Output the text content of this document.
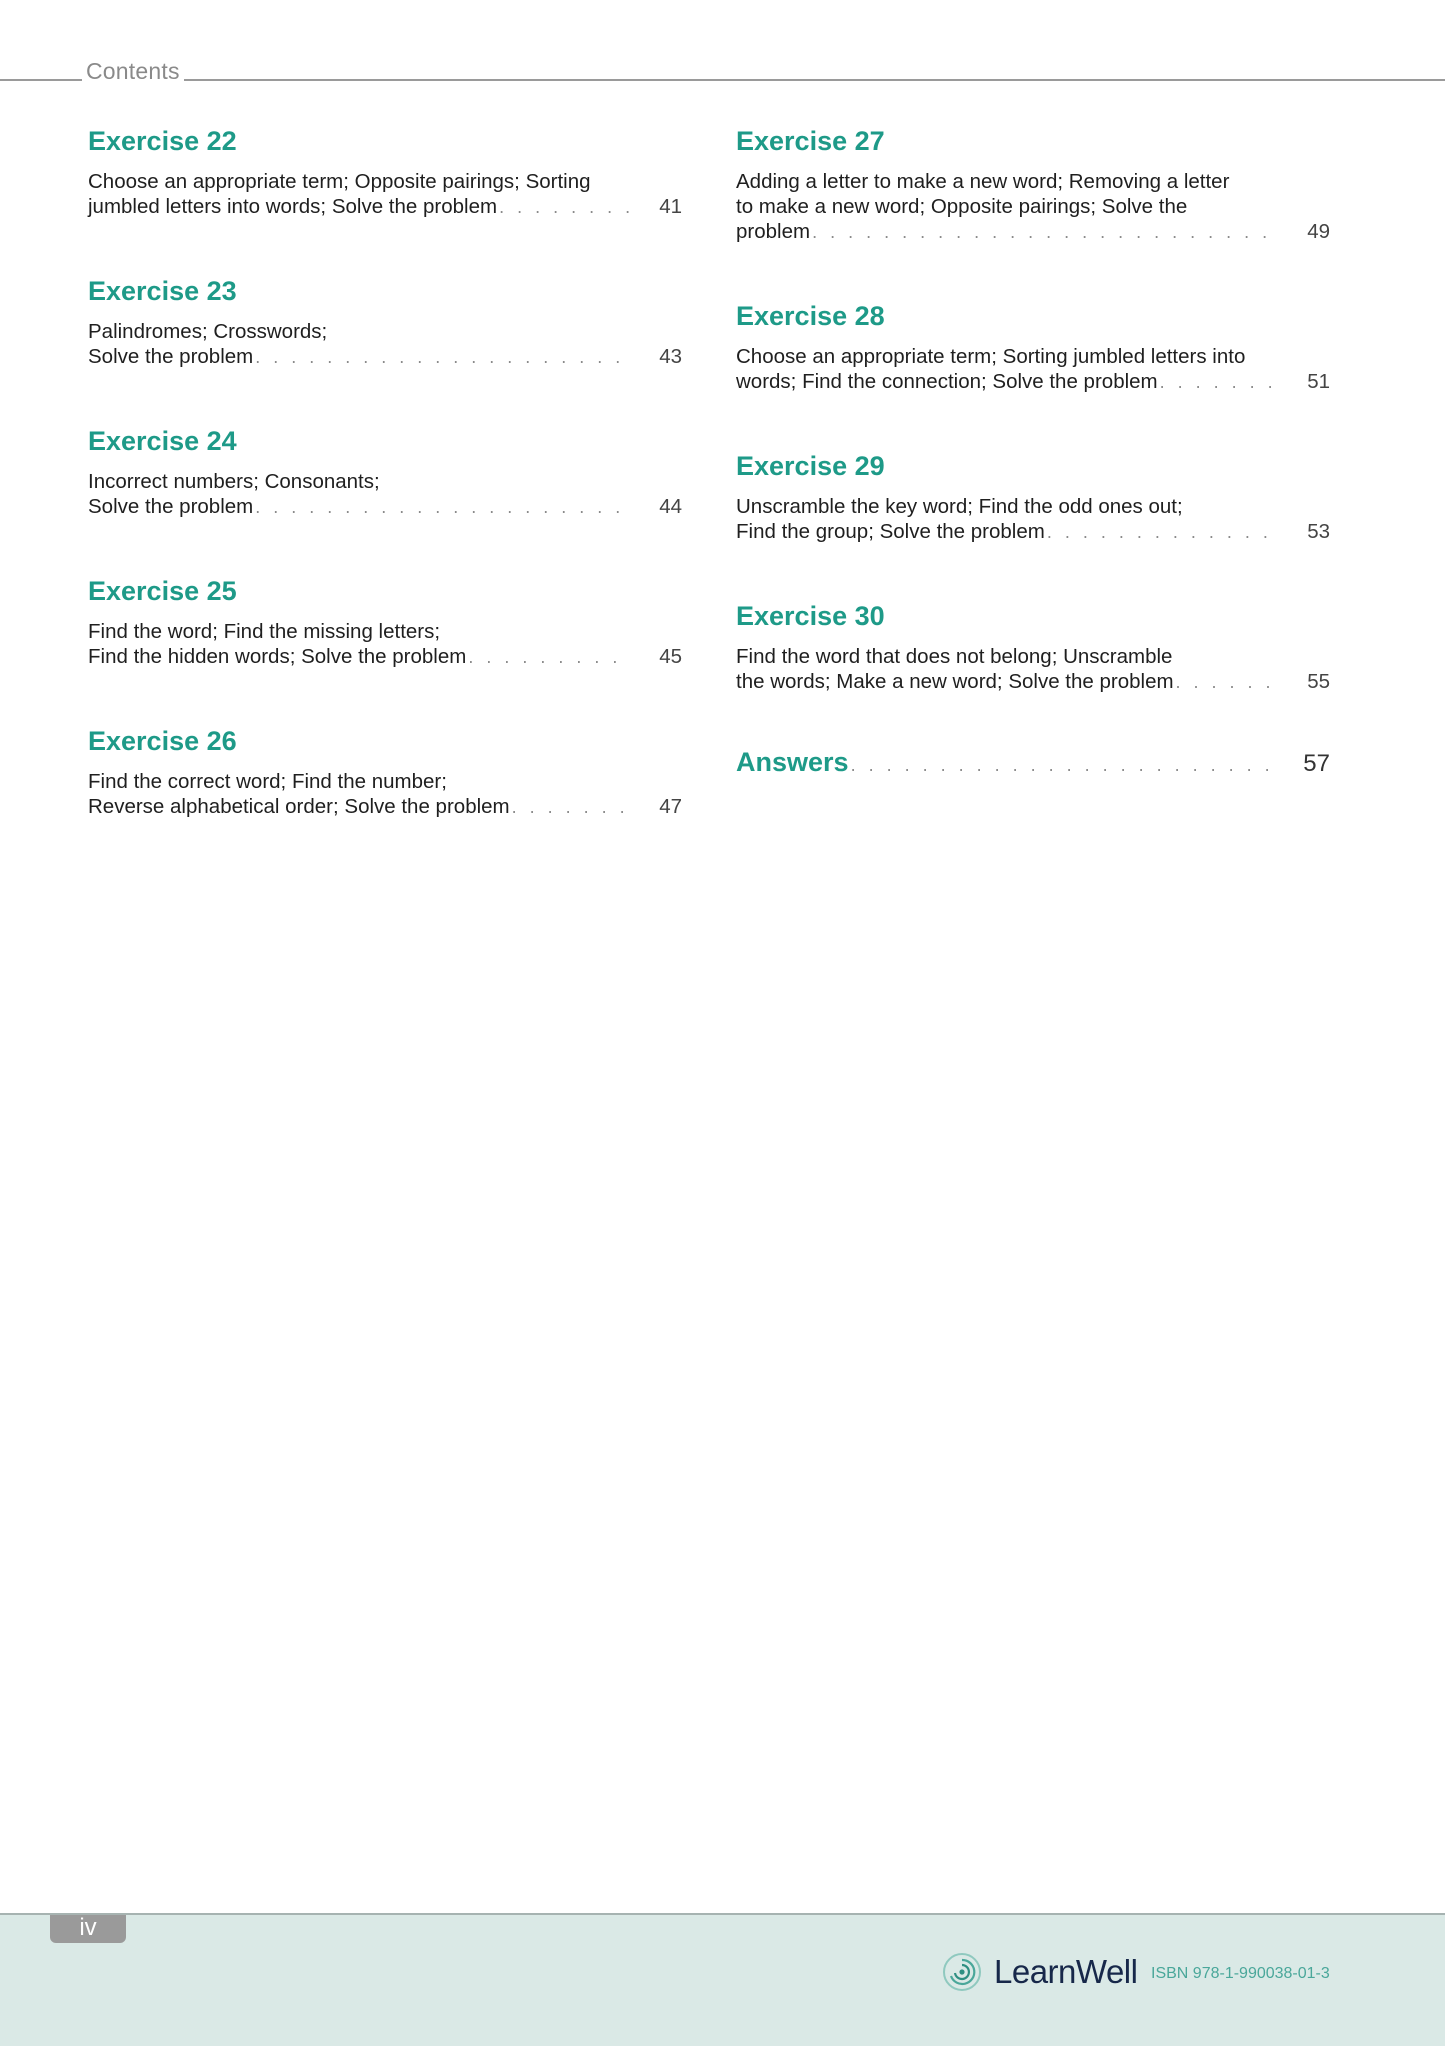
Contents
Exercise 22
Choose an appropriate term; Opposite pairings; Sorting
jumbled letters into words; Solve the problem . . .	41
Exercise 23
Palindromes; Crosswords;
Solve the problem . . .	43
Exercise 24
Incorrect numbers; Consonants;
Solve the problem . . .	44
Exercise 25
Find the word; Find the missing letters;
Find the hidden words; Solve the problem . . .	45
Exercise 26
Find the correct word; Find the number;
Reverse alphabetical order; Solve the problem . . .	47
Exercise 27
Adding a letter to make a new word; Removing a letter
to make a new word; Opposite pairings; Solve the
problem . . .	49
Exercise 28
Choose an appropriate term; Sorting jumbled letters into
words; Find the connection; Solve the problem . . .	51
Exercise 29
Unscramble the key word; Find the odd ones out;
Find the group; Solve the problem . . .	53
Exercise 30
Find the word that does not belong; Unscramble
the words; Make a new word; Solve the problem . . .	55
Answers . . .	57
iv
LearnWell ISBN 978-1-990038-01-3
